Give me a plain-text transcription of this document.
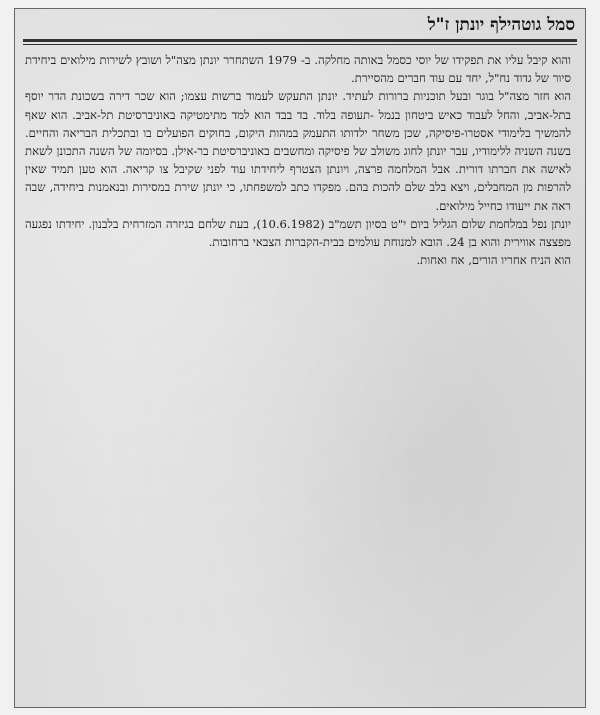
סמל גוטהילף יונתן ז"ל

והוא קיבל עליו את תפקידו של יוסי כסמל באותה מחלקה. ב- 1979 השתחרר יונתן מצה"ל ושובץ לשירות מילואים ביחידת סיור של גדוד נח"ל, יחד עם עוד חברים מהסיירת.

הוא חזר מצה"ל בוגר ובעל תוכניות ברורות לעתיד. יונתן התעקש לעמוד ברשות עצמו; הוא שכר דירה בשכונת הדר יוסף בתל-אביב, והחל לעבוד כאיש ביטחון בנמל -תעופה בלוד. בד בבד הוא למד מתימטיקה באוניברסיטת תל-אביב. הוא שאף להמשיך בלימודי אסטרו-פיסיקה, שכן משחר ילדותו התעמק במהות היקום, בחוקים הפועלים בו ובתכלית הבריאה והחיים. בשנה השניה ללימודיו, עבר יונתן לחוג משולב של פיסיקה ומחשבים באוניברסיטת בר-אילן. בסיומה של השנה התכונן לשאת לאישה את חברתו דורית. אבל המלחמה פרצה, ויונתן הצטרף ליחידתו עוד לפני שקיבל צו קריאה. הוא טען תמיד שאין להרפות מן המחבלים, ויצא בלב שלם להכות בהם. מפקדו כתב למשפחתו, כי יונתן שירת במסירות ובנאמנות ביחידה, שבה ראה את ייעודו כחייל מילואים.

יונתן נפל במלחמת שלום הגליל ביום י"ט בסיון תשמ"ב (10.6.1982), בעת שלחם בגיזרה המזרחית בלבנון. יחידתו נפגעה מפצצה אווירית והוא בן 24. הובא למנוחת עולמים בבית-הקברות הצבאי ברחובות.

הוא הניח אחריו הורים, אח ואחות.
